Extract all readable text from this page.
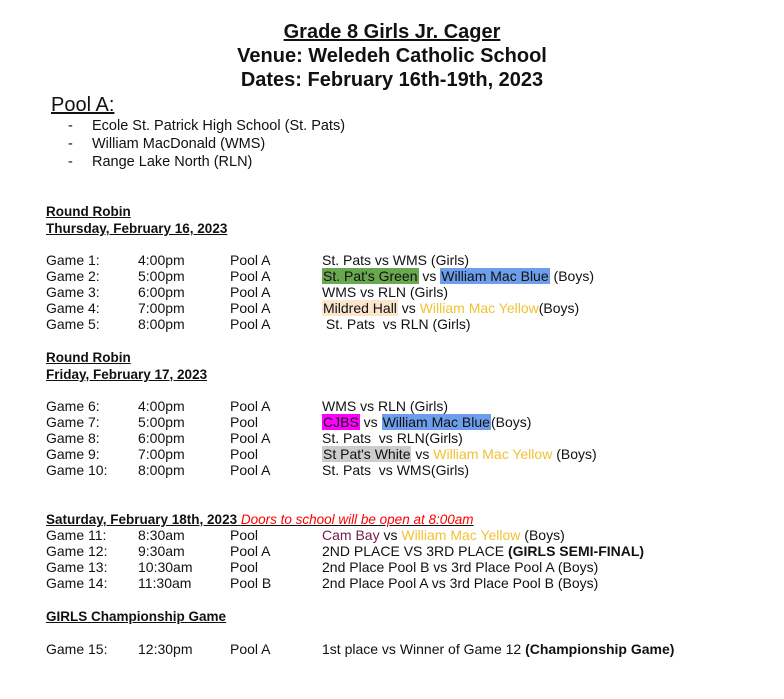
Grade 8 Girls Jr. Cager
Venue: Weledeh Catholic School
Dates: February 16th-19th, 2023
Pool A:
- Ecole St. Patrick High School (St. Pats)
- William MacDonald (WMS)
- Range Lake North (RLN)
Round Robin
Thursday, February 16, 2023
Game 1:	4:00pm	Pool A	St. Pats vs WMS (Girls)
Game 2:	5:00pm	Pool A	St. Pat's Green vs William Mac Blue (Boys)
Game 3:	6:00pm	Pool A	WMS vs RLN (Girls)
Game 4:	7:00pm	Pool A	Mildred Hall vs William Mac Yellow(Boys)
Game 5:	8:00pm	Pool A	St. Pats  vs RLN (Girls)
Round Robin
Friday, February 17, 2023
Game 6:	4:00pm	Pool A	WMS vs RLN (Girls)
Game 7:	5:00pm	Pool	CJBS vs William Mac Blue(Boys)
Game 8:	6:00pm	Pool A	St. Pats  vs RLN(Girls)
Game 9:	7:00pm	Pool	St Pat's White vs William Mac Yellow (Boys)
Game 10: 8:00pm	Pool A	St. Pats  vs WMS(Girls)
Saturday, February 18th, 2023 Doors to school will be open at 8:00am
Game 11: 8:30am	Pool	Cam Bay vs William Mac Yellow (Boys)
Game 12: 9:30am	Pool A	2ND PLACE VS 3RD PLACE (GIRLS SEMI-FINAL)
Game 13: 10:30am	Pool	2nd Place Pool B vs 3rd Place Pool A (Boys)
Game 14: 11:30am	Pool B	2nd Place Pool A vs 3rd Place Pool B (Boys)
GIRLS Championship Game
Game 15: 12:30pm	Pool A	1st place vs Winner of Game 12 (Championship Game)
